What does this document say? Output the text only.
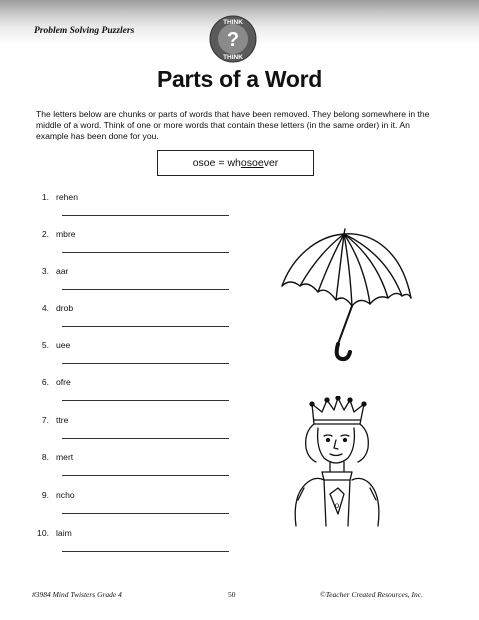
Problem Solving Puzzlers	?
THINK
THINK
Parts of a Word
The letters below are chunks or parts of words that have been removed. They belong somewhere in the middle of a word. Think of one or more words that contain these letters (in the same order) in it. An example has been done for you.
osoe = whosoever
1. rehen
2. mbre
3. aar
4. drob
5. uee
6. ofre
7. ttre
8. mert
9. ncho
10. laim
o
#3984 Mind Twisters Grade 4	50	©Teacher Created Resources, Inc.
